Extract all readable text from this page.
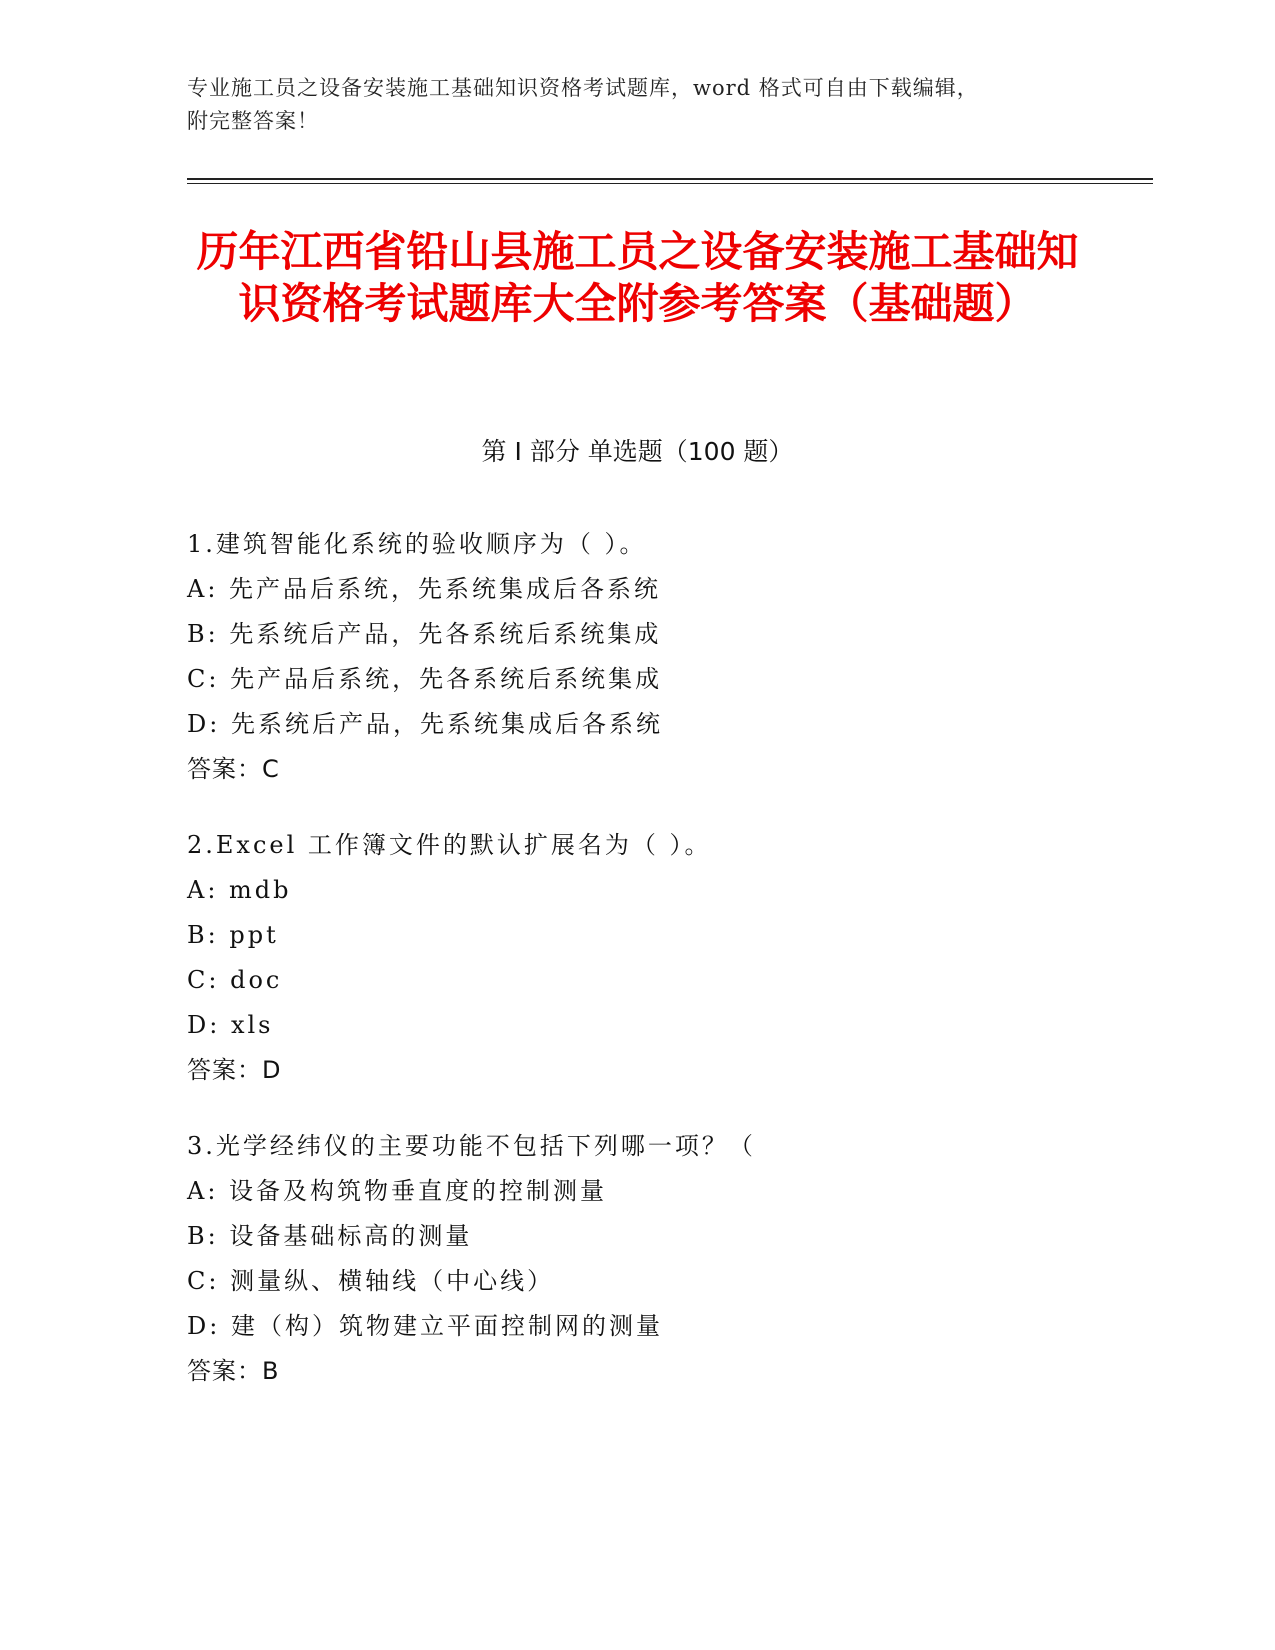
专业施工员之设备安装施工基础知识资格考试题库，word 格式可自由下载编辑，
附完整答案！
历年江西省铅山县施工员之设备安装施工基础知识资格考试题库大全附参考答案（基础题）
第 I 部分 单选题（100 题）
1.建筑智能化系统的验收顺序为（ ）。
A: 先产品后系统，先系统集成后各系统
B: 先系统后产品，先各系统后系统集成
C: 先产品后系统，先各系统后系统集成
D: 先系统后产品，先系统集成后各系统
答案：C
2.Excel 工作簿文件的默认扩展名为（ ）。
A: mdb
B: ppt
C: doc
D: xls
答案：D
3.光学经纬仪的主要功能不包括下列哪一项？（
A: 设备及构筑物垂直度的控制测量
B: 设备基础标高的测量
C: 测量纵、横轴线（中心线）
D: 建（构）筑物建立平面控制网的测量
答案：B
